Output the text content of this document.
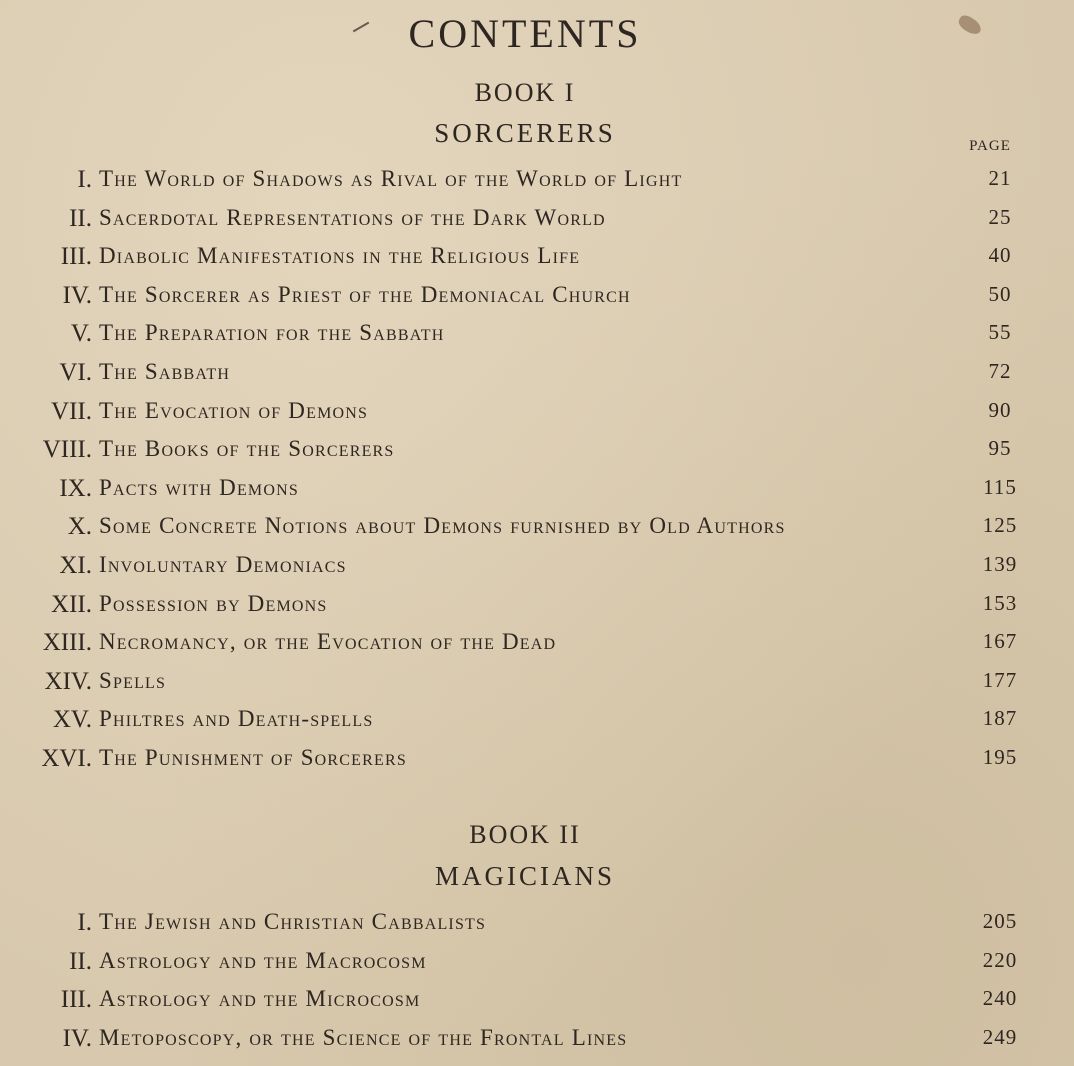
CONTENTS
BOOK I
SORCERERS	PAGE
I. The World of Shadows as Rival of the World of Light	21
II. Sacerdotal Representations of the Dark World	25
III. Diabolic Manifestations in the Religious Life	40
IV. The Sorcerer as Priest of the Demoniacal Church	50
V. The Preparation for the Sabbath	55
VI. The Sabbath	72
VII. The Evocation of Demons	90
VIII. The Books of the Sorcerers	95
IX. Pacts with Demons	115
X. Some Concrete Notions about Demons furnished by Old Authors	125
XI. Involuntary Demoniacs	139
XII. Possession by Demons	153
XIII. Necromancy, or the Evocation of the Dead	167
XIV. Spells	177
XV. Philtres and Death-spells	187
XVI. The Punishment of Sorcerers	195
BOOK II
MAGICIANS
I. The Jewish and Christian Cabbalists	205
II. Astrology and the Macrocosm	220
III. Astrology and the Microcosm	240
IV. Metoposcopy, or the Science of the Frontal Lines	249
